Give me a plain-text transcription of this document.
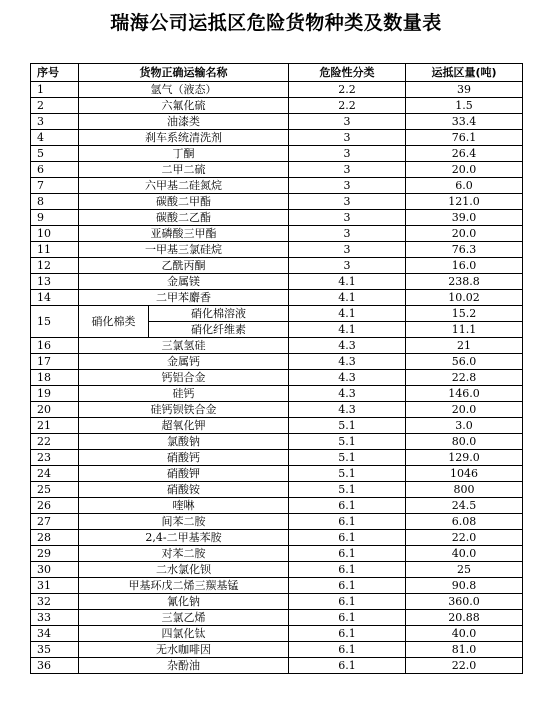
瑞海公司运抵区危险货物种类及数量表
序号	货物正确运输名称		危险性分类	运抵区量(吨)
1	氩气（液态）		2.2	39
2	六氟化硫		2.2	1.5
3	油漆类		3	33.4
4	刹车系统清洗剂		3	76.1
5	丁酮		3	26.4
6	二甲二硫		3	20.0
7	六甲基二硅氮烷		3	6.0
8	碳酸二甲酯		3	121.0
9	碳酸二乙酯		3	39.0
10	亚磷酸三甲酯		3	20.0
11	一甲基三氯硅烷		3	76.3
12	乙酰丙酮		3	16.0
13	金属镁		4.1	238.8
14	二甲苯麝香		4.1	10.02
15	硝化棉类	硝化棉溶液	4.1	15.2
		硝化纤维素	4.1	11.1
16	三氯氢硅		4.3	21
17	金属钙		4.3	56.0
18	钙铝合金		4.3	22.8
19	硅钙		4.3	146.0
20	硅钙钡铁合金		4.3	20.0
21	超氧化钾		5.1	3.0
22	氯酸钠		5.1	80.0
23	硝酸钙		5.1	129.0
24	硝酸钾		5.1	1046
25	硝酸铵		5.1	800
26	喹啉		6.1	24.5
27	间苯二胺		6.1	6.08
28	2,4-二甲基苯胺		6.1	22.0
29	对苯二胺		6.1	40.0
30	二水氯化钡		6.1	25
31	甲基环戊二烯三羰基锰		6.1	90.8
32	氰化钠		6.1	360.0
33	三氯乙烯		6.1	20.88
34	四氯化钛		6.1	40.0
35	无水咖啡因		6.1	81.0
36	杂酚油		6.1	22.0
